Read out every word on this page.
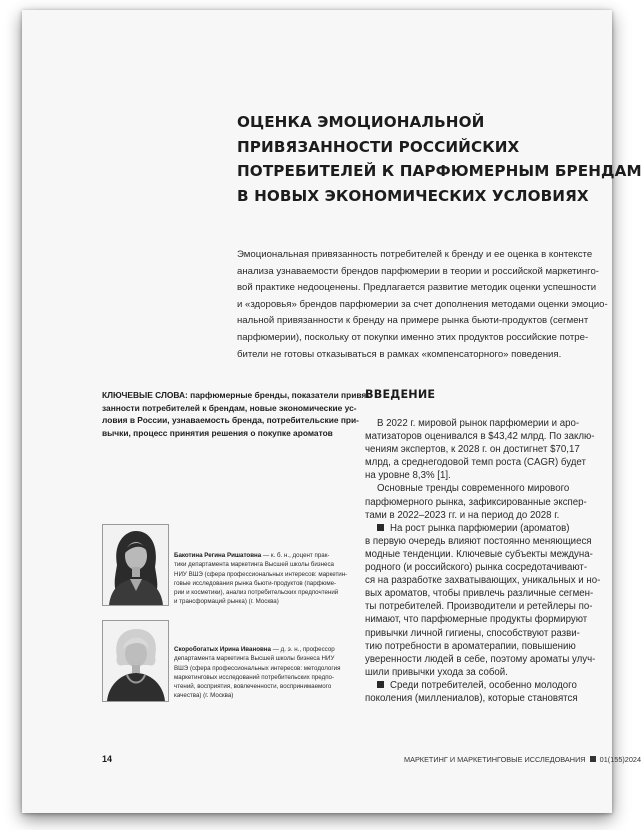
ОЦЕНКА ЭМОЦИОНАЛЬНОЙ
ПРИВЯЗАННОСТИ РОССИЙСКИХ
ПОТРЕБИТЕЛЕЙ К ПАРФЮМЕРНЫМ БРЕНДАМ
В НОВЫХ ЭКОНОМИЧЕСКИХ УСЛОВИЯХ
Эмоциональная привязанность потребителей к бренду и ее оценка в контексте
анализа узнаваемости брендов парфюмерии в теории и российской маркетинго-
вой практике недооценены. Предлагается развитие методик оценки успешности
и «здоровья» брендов парфюмерии за счет дополнения методами оценки эмоцио-
нальной привязанности к бренду на примере рынка бьюти-продуктов (сегмент
парфюмерии), поскольку от покупки именно этих продуктов российские потре-
бители не готовы отказываться в рамках «компенсаторного» поведения.
КЛЮЧЕВЫЕ СЛОВА: парфюмерные бренды, показатели привя-
занности потребителей к брендам, новые экономические ус-
ловия в России, узнаваемость бренда, потребительские при-
вычки, процесс принятия решения о покупке ароматов
Бакотина Регина Ришатовна — к. б. н., доцент прак-
тики департамента маркетинга Высшей школы бизнеса
НИУ ВШЭ (сфера профессиональных интересов: маркетин-
говые исследования рынка бьюти-продуктов (парфюме-
рии и косметики), анализ потребительских предпочтений
и трансформаций рынка) (г. Москва)
Скоробогатых Ирина Ивановна — д. э. н., профессор
департамента маркетинга Высшей школы бизнеса НИУ
ВШЭ (сфера профессиональных интересов: методология
маркетинговых исследований потребительских предпо-
чтений, восприятия, вовлеченности, воспринимаемого
качества) (г. Москва)
ВВЕДЕНИЕ
В 2022 г. мировой рынок парфюмерии и аро-
матизаторов оценивался в $43,42 млрд. По заклю-
чениям экспертов, к 2028 г. он достигнет $70,17
млрд, а среднегодовой темп роста (CAGR) будет
на уровне 8,3% [1].
Основные тренды современного мирового
парфюмерного рынка, зафиксированные экспер-
тами в 2022–2023 гг. и на период до 2028 г.
На рост рынка парфюмерии (ароматов)
в первую очередь влияют постоянно меняющиеся
модные тенденции. Ключевые субъекты междуна-
родного (и российского) рынка сосредотачивают-
ся на разработке захватывающих, уникальных и но-
вых ароматов, чтобы привлечь различные сегмен-
ты потребителей. Производители и ретейлеры по-
нимают, что парфюмерные продукты формируют
привычки личной гигиены, способствуют разви-
тию потребности в ароматерапии, повышению
уверенности людей в себе, поэтому ароматы улуч-
шили привычки ухода за собой.
Среди потребителей, особенно молодого
поколения (миллениалов), которые становятся
14	МАРКЕТИНГ И МАРКЕТИНГОВЫЕ ИССЛЕДОВАНИЯ 01(155)2024
